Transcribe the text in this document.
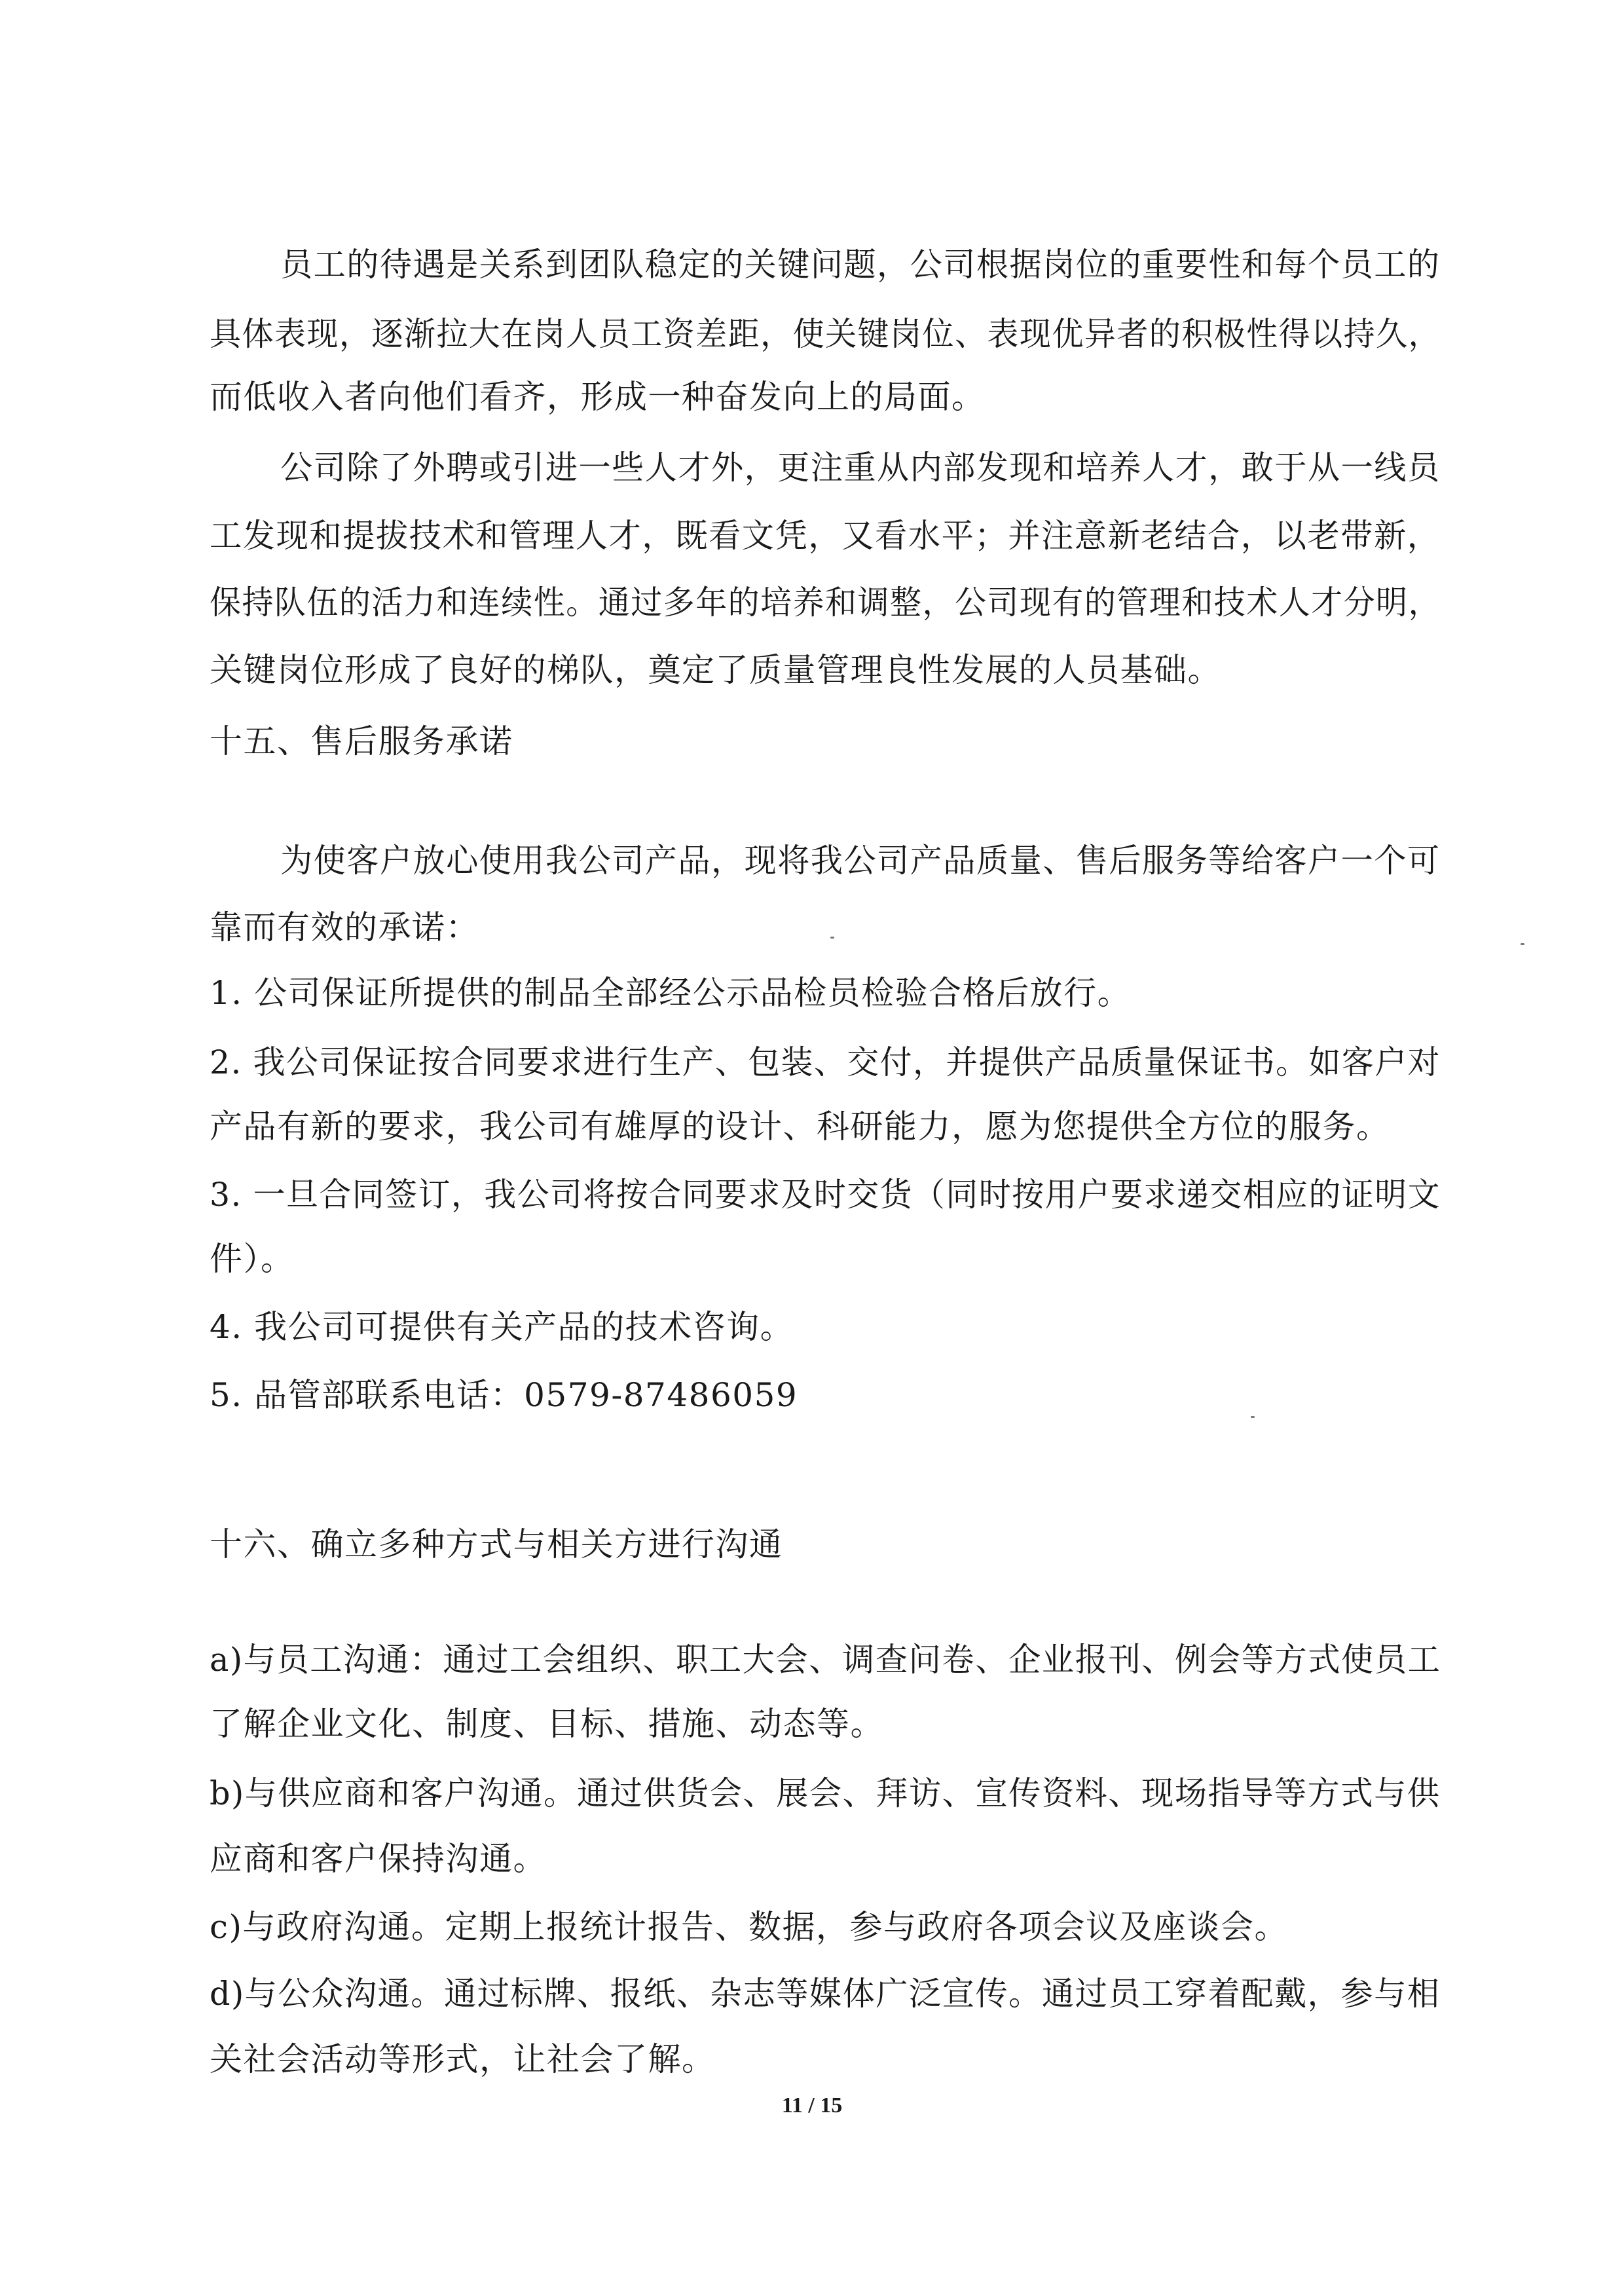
员工的待遇是关系到团队稳定的关键问题，公司根据岗位的重要性和每个员工的
具体表现，逐渐拉大在岗人员工资差距，使关键岗位、表现优异者的积极性得以持久，
而低收入者向他们看齐，形成一种奋发向上的局面。
公司除了外聘或引进一些人才外，更注重从内部发现和培养人才，敢于从一线员
工发现和提拔技术和管理人才，既看文凭，又看水平；并注意新老结合，以老带新，
保持队伍的活力和连续性。通过多年的培养和调整，公司现有的管理和技术人才分明，
关键岗位形成了良好的梯队，奠定了质量管理良性发展的人员基础。
十五、售后服务承诺
为使客户放心使用我公司产品，现将我公司产品质量、售后服务等给客户一个可
靠而有效的承诺：
1. 公司保证所提供的制品全部经公示品检员检验合格后放行。
2. 我公司保证按合同要求进行生产、包装、交付，并提供产品质量保证书。如客户对
产品有新的要求，我公司有雄厚的设计、科研能力，愿为您提供全方位的服务。
3. 一旦合同签订，我公司将按合同要求及时交货（同时按用户要求递交相应的证明文
件）。
4. 我公司可提供有关产品的技术咨询。
5. 品管部联系电话：0579-87486059
十六、确立多种方式与相关方进行沟通
a)与员工沟通：通过工会组织、职工大会、调查问卷、企业报刊、例会等方式使员工
了解企业文化、制度、目标、措施、动态等。
b)与供应商和客户沟通。通过供货会、展会、拜访、宣传资料、现场指导等方式与供
应商和客户保持沟通。
c)与政府沟通。定期上报统计报告、数据，参与政府各项会议及座谈会。
d)与公众沟通。通过标牌、报纸、杂志等媒体广泛宣传。通过员工穿着配戴，参与相
关社会活动等形式，让社会了解。
11 / 15
